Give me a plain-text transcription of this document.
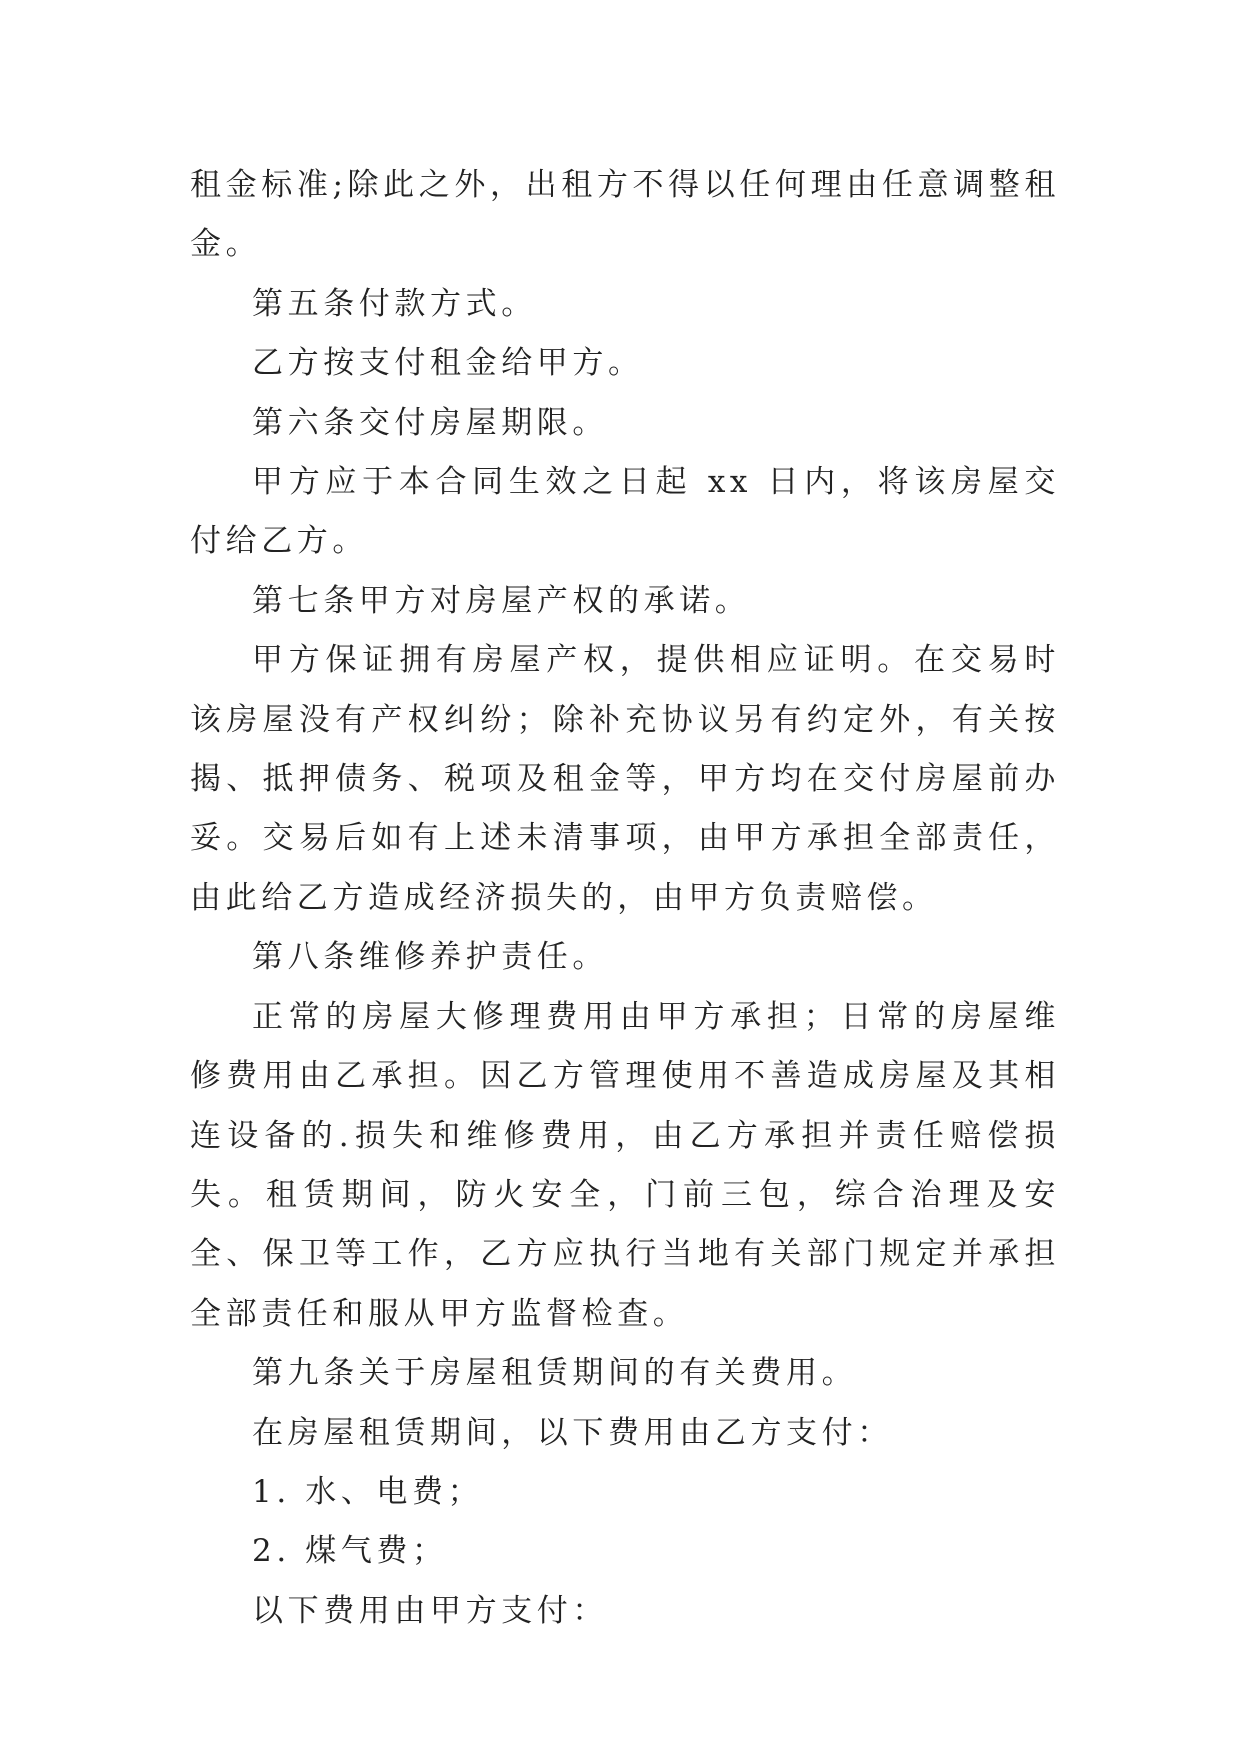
租金标准;除此之外，出租方不得以任何理由任意调整租金。

第五条付款方式。

乙方按支付租金给甲方。

第六条交付房屋期限。

甲方应于本合同生效之日起 xx 日内，将该房屋交付给乙方。

第七条甲方对房屋产权的承诺。

甲方保证拥有房屋产权，提供相应证明。在交易时该房屋没有产权纠纷；除补充协议另有约定外，有关按揭、抵押债务、税项及租金等，甲方均在交付房屋前办妥。交易后如有上述未清事项，由甲方承担全部责任，由此给乙方造成经济损失的，由甲方负责赔偿。

第八条维修养护责任。

正常的房屋大修理费用由甲方承担；日常的房屋维修费用由乙承担。因乙方管理使用不善造成房屋及其相连设备的.损失和维修费用，由乙方承担并责任赔偿损失。租赁期间，防火安全，门前三包，综合治理及安全、保卫等工作，乙方应执行当地有关部门规定并承担全部责任和服从甲方监督检查。

第九条关于房屋租赁期间的有关费用。

在房屋租赁期间，以下费用由乙方支付：

1. 水、电费；

2. 煤气费；

以下费用由甲方支付：
